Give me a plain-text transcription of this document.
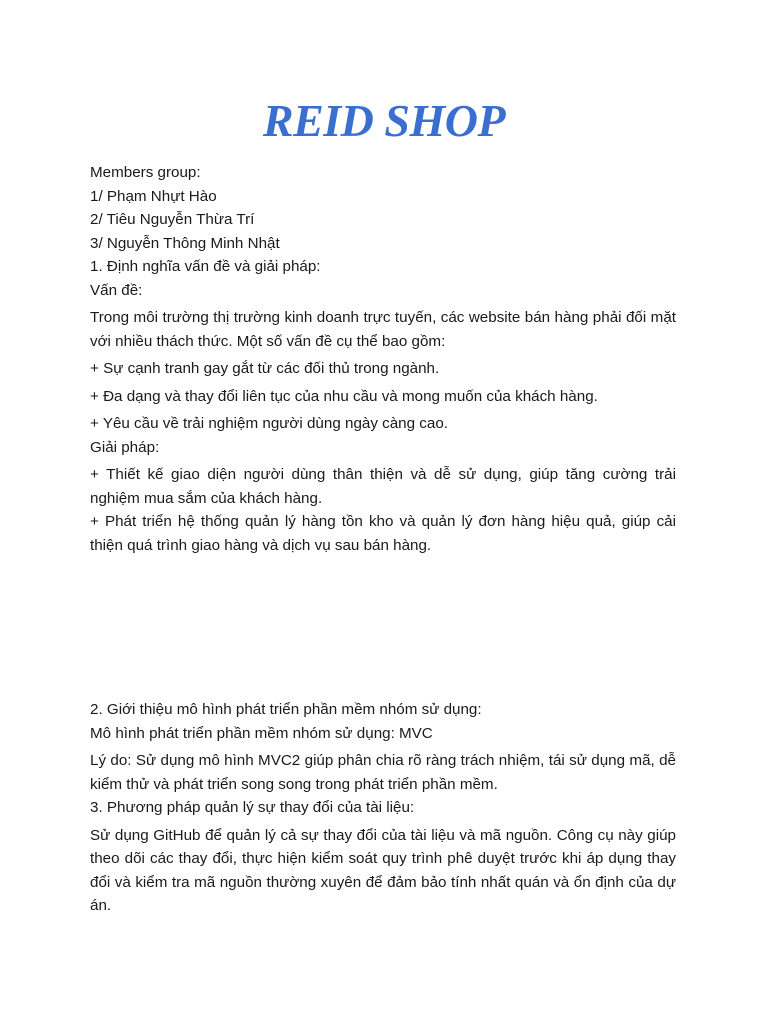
REID SHOP

Members group:

1/ Phạm Nhựt Hào

2/ Tiêu Nguyễn Thừa Trí

3/ Nguyễn Thông Minh Nhật

1. Định nghĩa vấn đề và giải pháp:

Vấn đề:

Trong môi trường thị trường kinh doanh trực tuyến, các website bán hàng phải đối mặt với nhiều thách thức. Một số vấn đề cụ thể bao gồm:

+ Sự cạnh tranh gay gắt từ các đối thủ trong ngành.

+ Đa dạng và thay đổi liên tục của nhu cầu và mong muốn của khách hàng.

+ Yêu cầu về trải nghiệm người dùng ngày càng cao.

Giải pháp:

+ Thiết kế giao diện người dùng thân thiện và dễ sử dụng, giúp tăng cường trải nghiệm mua sắm của khách hàng.

+ Phát triển hệ thống quản lý hàng tồn kho và quản lý đơn hàng hiệu quả, giúp cải thiện quá trình giao hàng và dịch vụ sau bán hàng.

2. Giới thiệu mô hình phát triển phần mềm nhóm sử dụng:

Mô hình phát triển phần mềm nhóm sử dụng: MVC

Lý do: Sử dụng mô hình MVC2 giúp phân chia rõ ràng trách nhiệm, tái sử dụng mã, dễ kiểm thử và phát triển song song trong phát triển phần mềm.

3. Phương pháp quản lý sự thay đổi của tài liệu:

Sử dụng GitHub để quản lý cả sự thay đổi của tài liệu và mã nguồn. Công cụ này giúp theo dõi các thay đổi, thực hiện kiểm soát quy trình phê duyệt trước khi áp dụng thay đổi và kiểm tra mã nguồn thường xuyên để đảm bảo tính nhất quán và ổn định của dự án.
